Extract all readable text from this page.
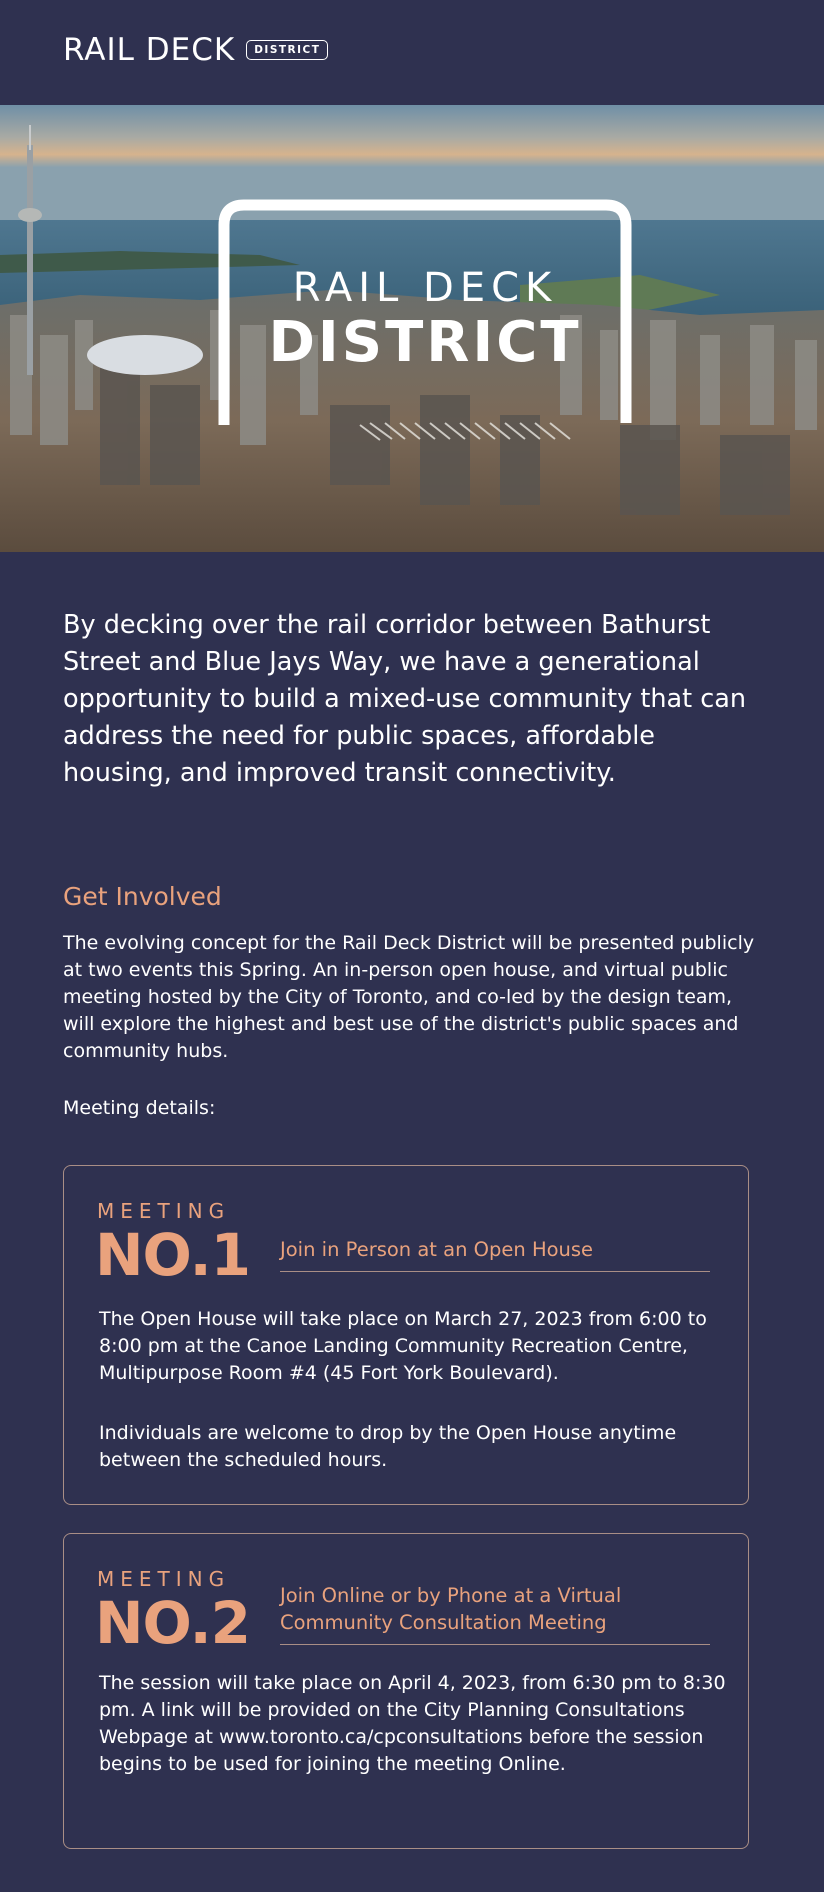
RAIL DECK	DISTRICT
RAIL DECK
DISTRICT

By decking over the rail corridor between Bathurst Street and Blue Jays Way, we have a generational opportunity to build a mixed-use community that can address the need for public spaces, affordable housing, and improved transit connectivity.

Get Involved

The evolving concept for the Rail Deck District will be presented publicly at two events this Spring. An in-person open house, and virtual public meeting hosted by the City of Toronto, and co-led by the design team, will explore the highest and best use of the district's public spaces and community hubs.

Meeting details:

MEETING
NO.1 Join in Person at an Open House

The Open House will take place on March 27, 2023 from 6:00 to 8:00 pm at the Canoe Landing Community Recreation Centre, Multipurpose Room #4 (45 Fort York Boulevard).

Individuals are welcome to drop by the Open House anytime between the scheduled hours.

MEETING
NO.2 Join Online or by Phone at a Virtual Community Consultation Meeting

The session will take place on April 4, 2023, from 6:30 pm to 8:30 pm. A link will be provided on the City Planning Consultations Webpage at www.toronto.ca/cpconsultations before the session begins to be used for joining the meeting Online.
